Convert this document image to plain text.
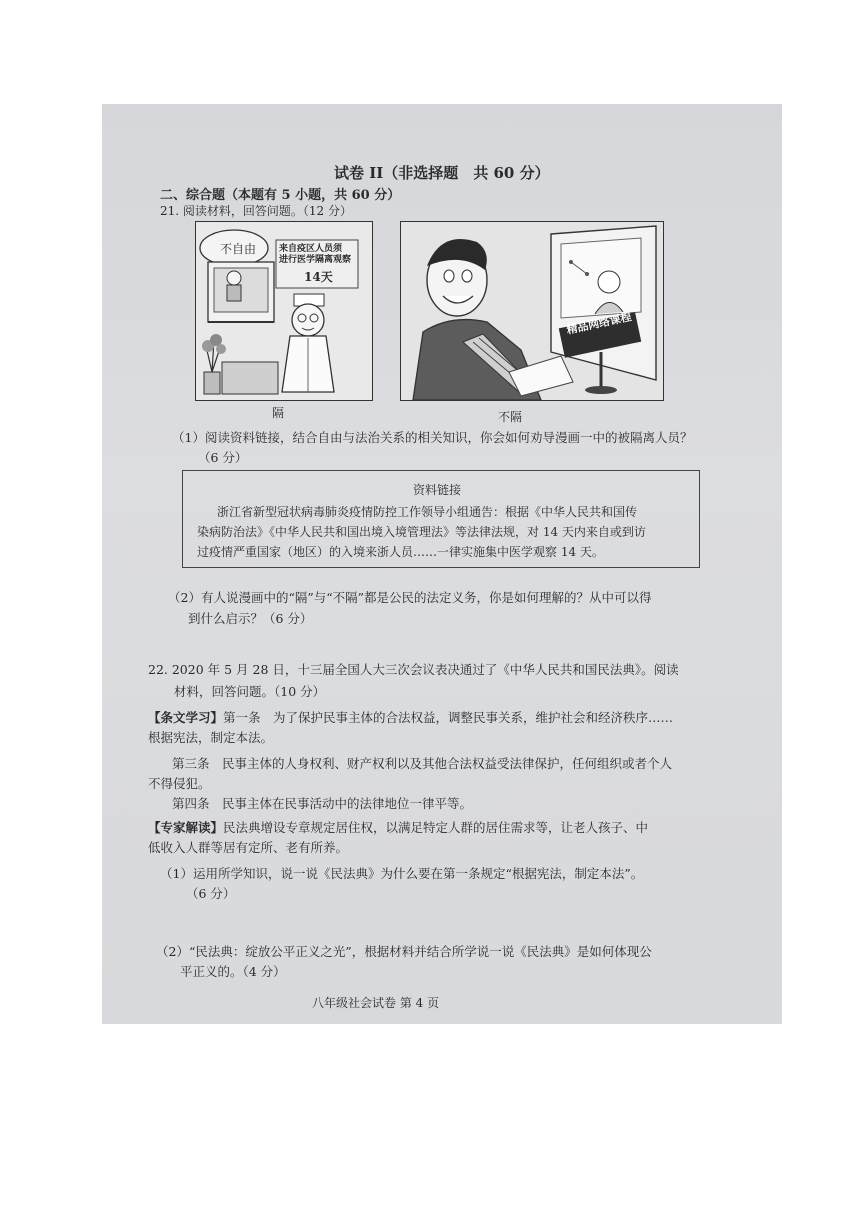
试卷 II（非选择题　共 60 分）
二、综合题（本题有 5 小题，共 60 分）
21. 阅读材料，回答问题。（12 分）
不自由	来自疫区人员须
进行医学隔离观察
14天
隔
精品网络课程
不隔
（1）阅读资料链接，结合自由与法治关系的相关知识，你会如何劝导漫画一中的被隔离人员？
（6 分）
资料链接
浙江省新型冠状病毒肺炎疫情防控工作领导小组通告：根据《中华人民共和国传
染病防治法》《中华人民共和国出境入境管理法》等法律法规，对 14 天内来自或到访
过疫情严重国家（地区）的入境来浙人员……一律实施集中医学观察 14 天。
（2）有人说漫画中的“隔”与“不隔”都是公民的法定义务，你是如何理解的？从中可以得
到什么启示？（6 分）
22. 2020 年 5 月 28 日，十三届全国人大三次会议表决通过了《中华人民共和国民法典》。阅读
材料，回答问题。（10 分）
【条文学习】第一条　为了保护民事主体的合法权益，调整民事关系，维护社会和经济秩序……
根据宪法，制定本法。
第三条　民事主体的人身权利、财产权利以及其他合法权益受法律保护，任何组织或者个人
不得侵犯。
第四条　民事主体在民事活动中的法律地位一律平等。
【专家解读】民法典增设专章规定居住权，以满足特定人群的居住需求等，让老人孩子、中
低收入人群等居有定所、老有所养。
（1）运用所学知识，说一说《民法典》为什么要在第一条规定“根据宪法，制定本法”。
（6 分）
（2）“民法典：绽放公平正义之光”，根据材料并结合所学说一说《民法典》是如何体现公
平正义的。（4 分）
八年级社会试卷 第 4 页
